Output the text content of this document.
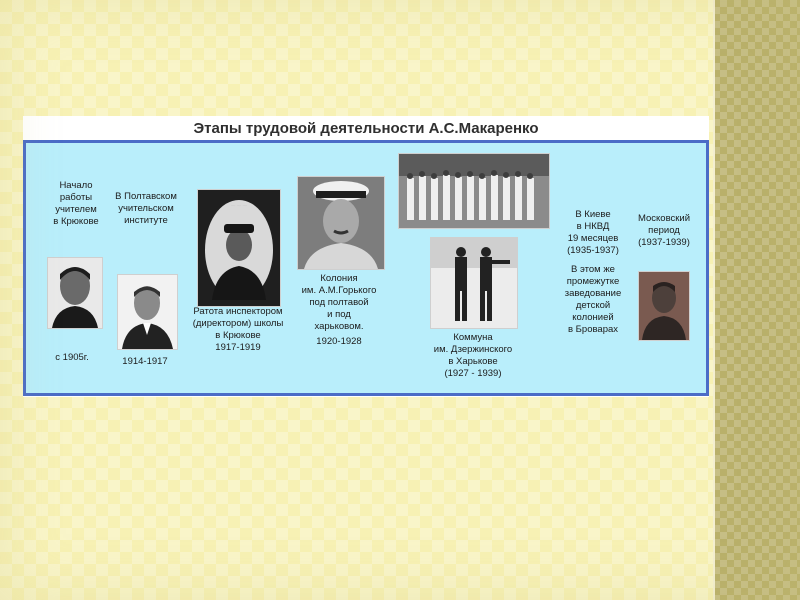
Этапы трудовой деятельности А.С.Макаренко
Начало
работы
учителем
в Крюкове
с 1905г.
В Полтавском
учительском
институте
1914-1917
~~~
Ратота инспектором
(директором) школы
в Крюкове
1917-1919
Колония
им. А.М.Горького
под полтавой
и под
харьковом.
1920-1928	Коммуна
им. Дзержинского
в Харькове
(1927 - 1939)
В Киеве
в НКВД
19 месяцев
(1935-1937)
В этом же
промежутке
заведование
детской
колонией
в Броварах
Московский
период
(1937-1939)
